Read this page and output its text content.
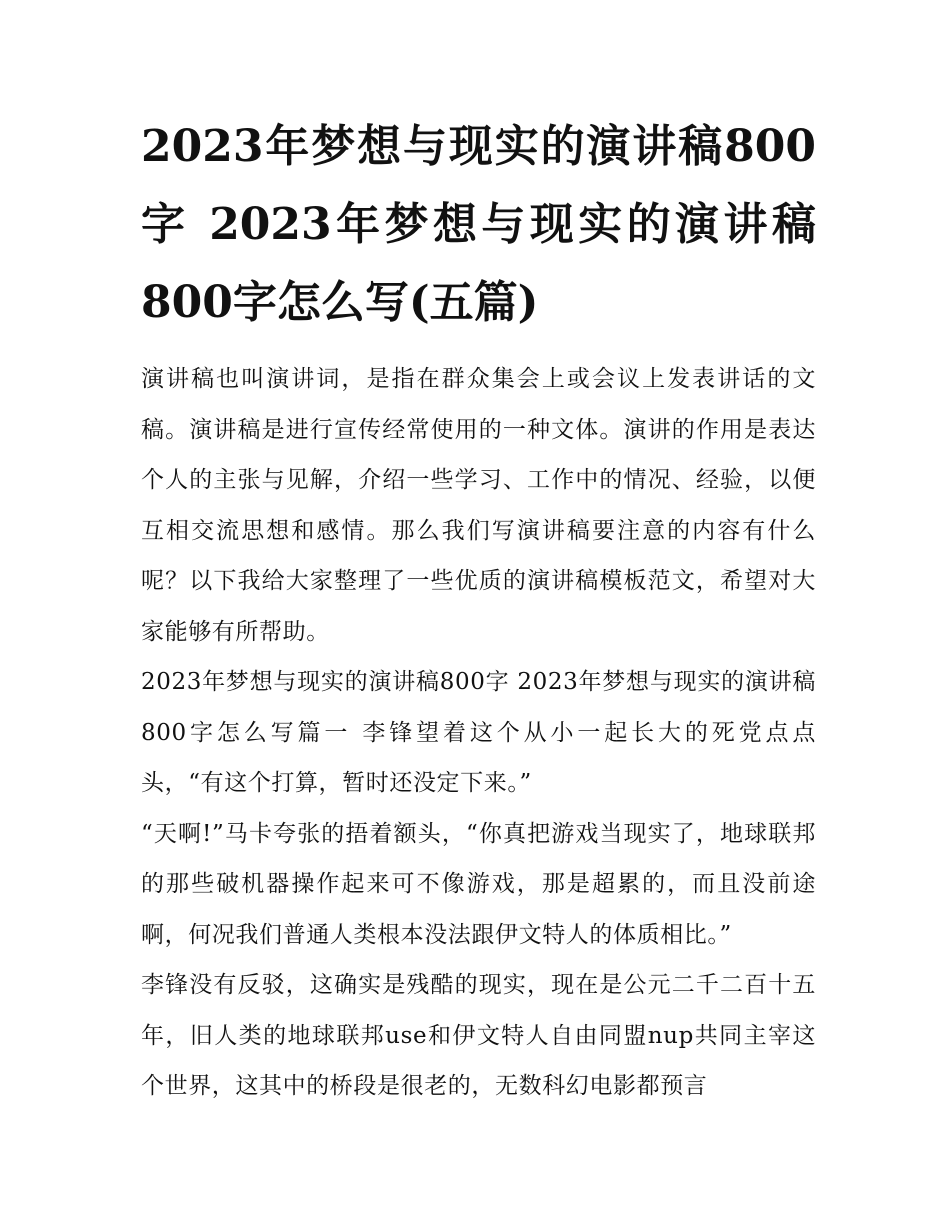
2023年梦想与现实的演讲稿800字 2023年梦想与现实的演讲稿800字怎么写(五篇)

演讲稿也叫演讲词，是指在群众集会上或会议上发表讲话的文稿。演讲稿是进行宣传经常使用的一种文体。演讲的作用是表达个人的主张与见解，介绍一些学习、工作中的情况、经验，以便互相交流思想和感情。那么我们写演讲稿要注意的内容有什么呢？以下我给大家整理了一些优质的演讲稿模板范文，希望对大家能够有所帮助。

2023年梦想与现实的演讲稿800字 2023年梦想与现实的演讲稿800字怎么写篇一 李锋望着这个从小一起长大的死党点点头，“有这个打算，暂时还没定下来。”

“天啊!”马卡夸张的捂着额头，“你真把游戏当现实了，地球联邦的那些破机器操作起来可不像游戏，那是超累的，而且没前途啊，何况我们普通人类根本没法跟伊文特人的体质相比。”

李锋没有反驳，这确实是残酷的现实，现在是公元二千二百十五年，旧人类的地球联邦use和伊文特人自由同盟nup共同主宰这个世界，这其中的桥段是很老的，无数科幻电影都预言
